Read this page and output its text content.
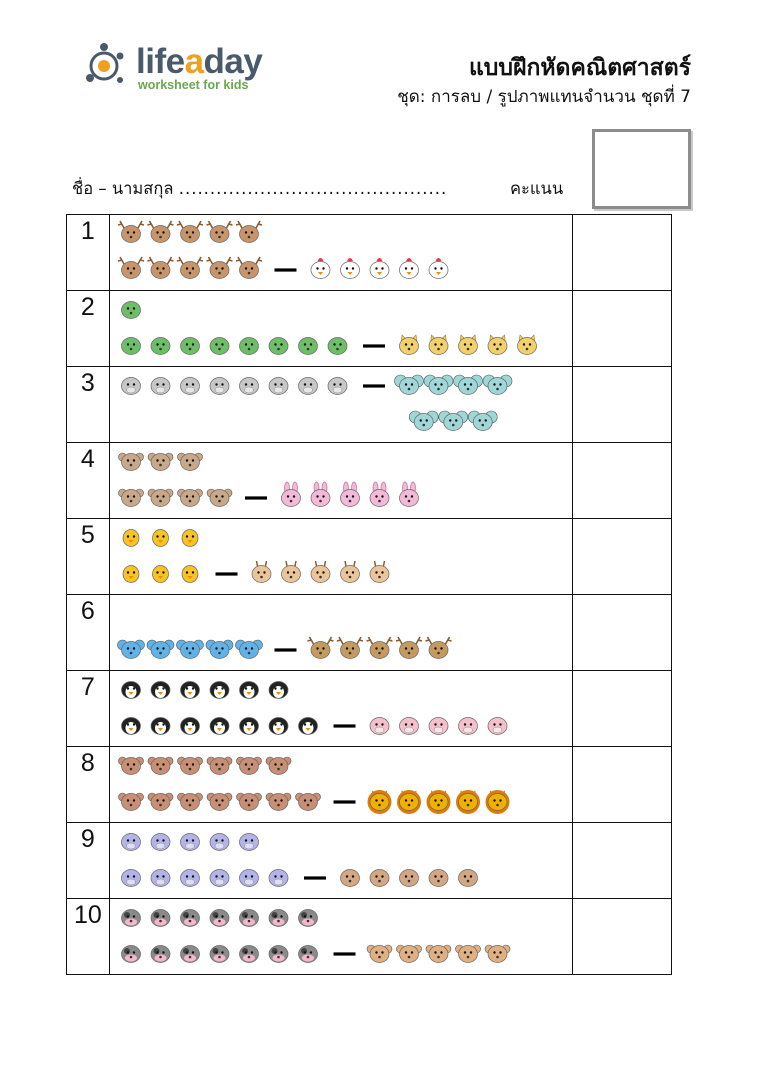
lifeaday
worksheet for kids
แบบฝึกหัดคณิตศาสตร์
ชุด: การลบ / รูปภาพแทนจำนวน ชุดที่ 7
ชื่อ – นามสกุล ...........................................	คะแนน
1

2

3

4

5

6

7

8

9

10
